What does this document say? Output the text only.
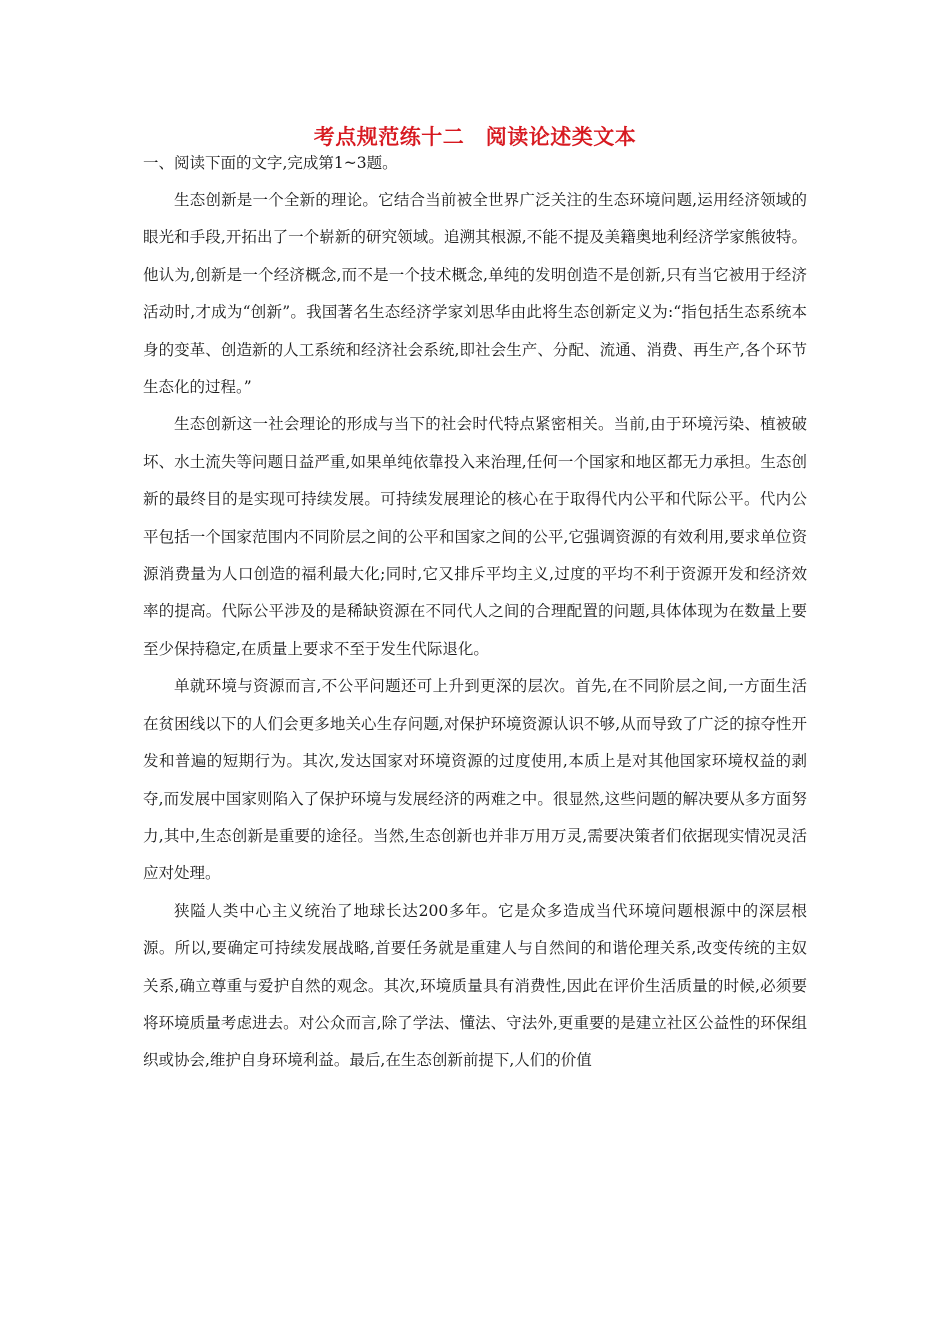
考点规范练十二　阅读论述类文本
一、阅读下面的文字,完成第1~3题。

生态创新是一个全新的理论。它结合当前被全世界广泛关注的生态环境问题,运用经济领域的眼光和手段,开拓出了一个崭新的研究领域。追溯其根源,不能不提及美籍奥地利经济学家熊彼特。他认为,创新是一个经济概念,而不是一个技术概念,单纯的发明创造不是创新,只有当它被用于经济活动时,才成为“创新”。我国著名生态经济学家刘思华由此将生态创新定义为:“指包括生态系统本身的变革、创造新的人工系统和经济社会系统,即社会生产、分配、流通、消费、再生产,各个环节生态化的过程。”

生态创新这一社会理论的形成与当下的社会时代特点紧密相关。当前,由于环境污染、植被破坏、水土流失等问题日益严重,如果单纯依靠投入来治理,任何一个国家和地区都无力承担。生态创新的最终目的是实现可持续发展。可持续发展理论的核心在于取得代内公平和代际公平。代内公平包括一个国家范围内不同阶层之间的公平和国家之间的公平,它强调资源的有效利用,要求单位资源消费量为人口创造的福利最大化;同时,它又排斥平均主义,过度的平均不利于资源开发和经济效率的提高。代际公平涉及的是稀缺资源在不同代人之间的合理配置的问题,具体体现为在数量上要至少保持稳定,在质量上要求不至于发生代际退化。

单就环境与资源而言,不公平问题还可上升到更深的层次。首先,在不同阶层之间,一方面生活在贫困线以下的人们会更多地关心生存问题,对保护环境资源认识不够,从而导致了广泛的掠夺性开发和普遍的短期行为。其次,发达国家对环境资源的过度使用,本质上是对其他国家环境权益的剥夺,而发展中国家则陷入了保护环境与发展经济的两难之中。很显然,这些问题的解决要从多方面努力,其中,生态创新是重要的途径。当然,生态创新也并非万用万灵,需要决策者们依据现实情况灵活应对处理。

狭隘人类中心主义统治了地球长达200多年。它是众多造成当代环境问题根源中的深层根源。所以,要确定可持续发展战略,首要任务就是重建人与自然间的和谐伦理关系,改变传统的主奴关系,确立尊重与爱护自然的观念。其次,环境质量具有消费性,因此在评价生活质量的时候,必须要将环境质量考虑进去。对公众而言,除了学法、懂法、守法外,更重要的是建立社区公益性的环保组织或协会,维护自身环境利益。最后,在生态创新前提下,人们的价值
